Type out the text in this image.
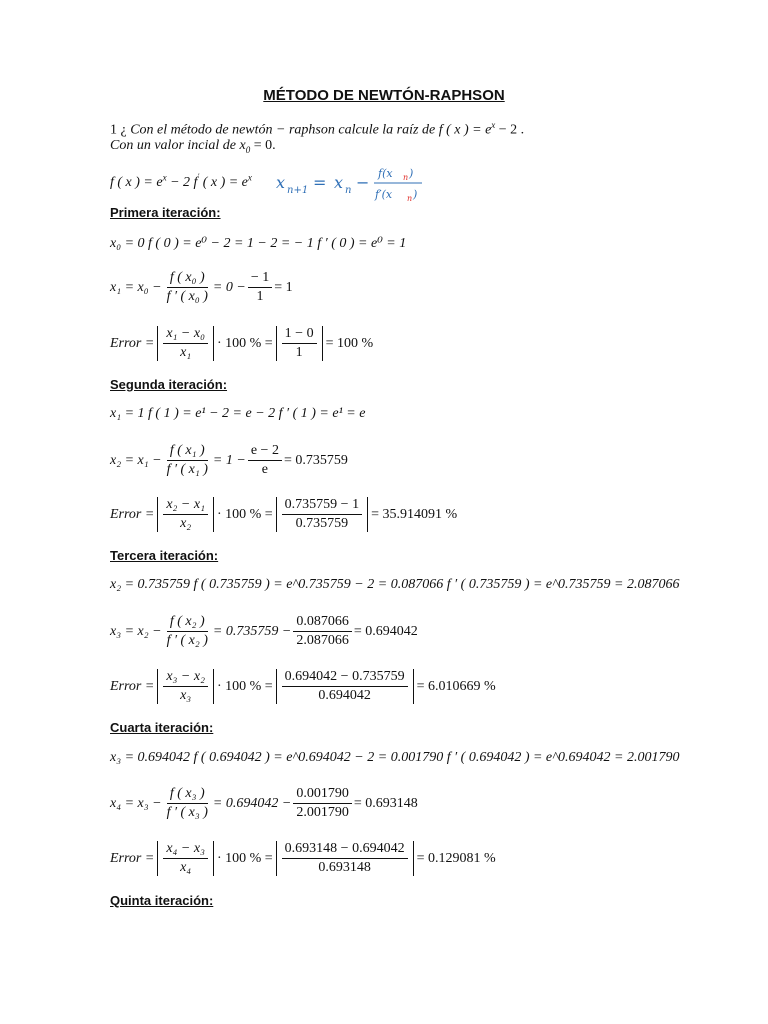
MÉTODO DE NEWTÓN-RAPHSON
1 ¿ Con el método de newtón − raphson calcule la raíz de f ( x ) = $e^x - 2$ .
Con un valor incial de $x_0 = 0$.
f ( x ) = $e^x - 2$ f′ ( x ) = $e^x$ x n+1 = x n − f(x n )
f′(x n )
Primera iteración:
x₀ = 0 f ( 0 ) = e⁰ − 2 = 1 − 2 = − 1 f ′ ( 0 ) = e⁰ = 1
$x_1 = x_0 - \frac{\text{f ( x₀ )}}{\text{f ′ ( x₀ )}} = 0 - \frac{- 1}{1} = 1$
Error = $\frac{\text{x₁ − x₀}}{\text{x₁}} \cdot 100$ % = $\frac{1 - 0}{1} = 100$ %
Segunda iteración:
x₁ = 1 f ( 1 ) = e¹ − 2 = e − 2 f ′ ( 1 ) = e¹ = e
$x_2 = x_1 - \frac{\text{f ( x₁ )}}{\text{f ′ ( x₁ )}} = 1 - \frac{e - 2}{e} = 0.735759$
Error = $\frac{\text{x₂ − x₁}}{\text{x₂}} \cdot 100$ % = $\frac{0.735759 - 1}{0.735759} = 35.914091$ %
Tercera iteración:
x₂ = 0.735759 f ( 0.735759 ) = e^0.735759 − 2 = 0.087066 f ′ ( 0.735759 ) = e^0.735759 = 2.087066
$x_3 = x_2 - \frac{\text{f ( x₂ )}}{\text{f ′ ( x₂ )}} = 0.735759 - \frac{0.087066}{2.087066} = 0.694042$
Error = $\frac{\text{x₃ − x₂}}{\text{x₃}} \cdot 100$ % = $\frac{0.694042 - 0.735759}{0.694042} = 6.010669$ %
Cuarta iteración:
x₃ = 0.694042 f ( 0.694042 ) = e^0.694042 − 2 = 0.001790 f ′ ( 0.694042 ) = e^0.694042 = 2.001790
$x_4 = x_3 - \frac{\text{f ( x₃ )}}{\text{f ′ ( x₃ )}} = 0.694042 - \frac{0.001790}{2.001790} = 0.693148$
Error = $\frac{\text{x₄ − x₃}}{\text{x₄}} \cdot 100$ % = $\frac{0.693148 - 0.694042}{0.693148} = 0.129081$ %
Quinta iteración:
